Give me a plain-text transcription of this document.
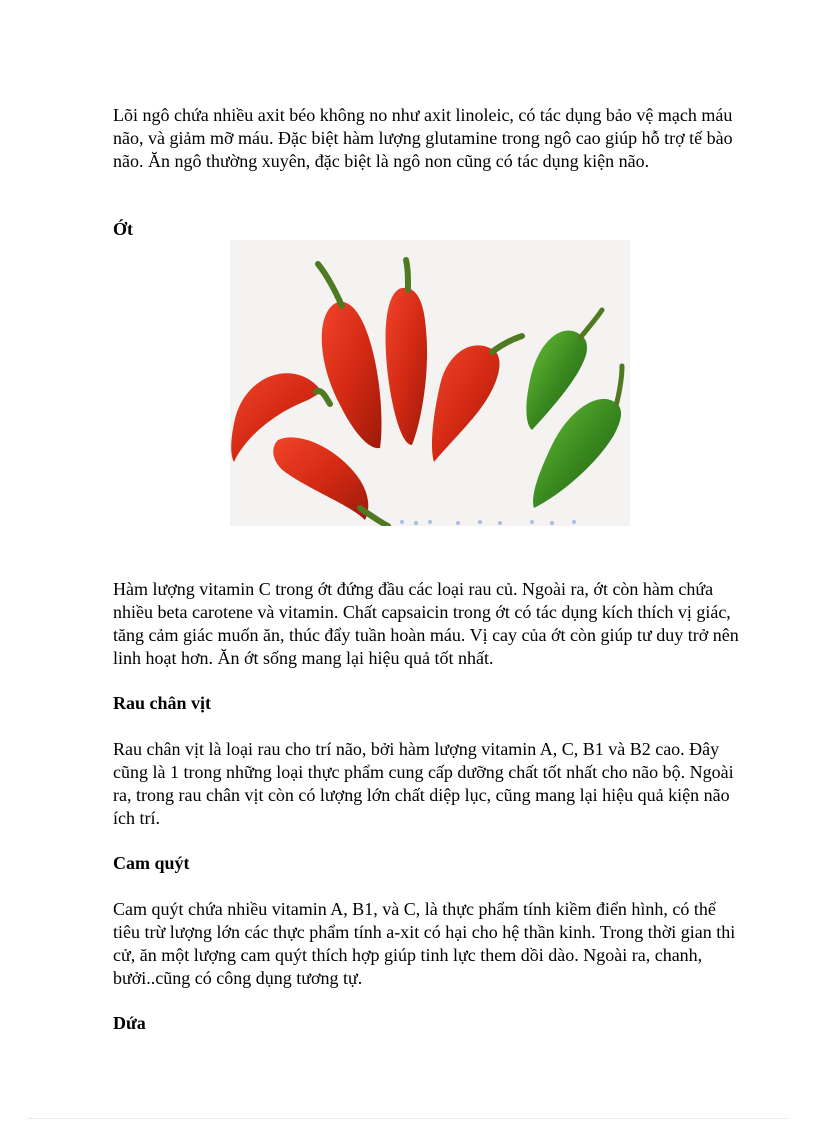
Lõi ngô chứa nhiều axit béo không no như axit linoleic, có tác dụng bảo vệ mạch máu não, và giảm mỡ máu. Đặc biệt hàm lượng glutamine trong ngô cao giúp hỗ trợ tế bào não. Ăn ngô thường xuyên, đặc biệt là ngô non cũng có tác dụng kiện não.

Ớt

Hàm lượng vitamin C trong ớt đứng đầu các loại rau củ. Ngoài ra, ớt còn hàm chứa nhiều beta carotene và vitamin. Chất capsaicin trong ớt có tác dụng kích thích vị giác, tăng cảm giác muốn ăn, thúc đẩy tuần hoàn máu. Vị cay của ớt còn giúp tư duy trở nên linh hoạt hơn. Ăn ớt sống mang lại hiệu quả tốt nhất.

Rau chân vịt

Rau chân vịt là loại rau cho trí não, bởi hàm lượng vitamin A, C, B1 và B2 cao. Đây cũng là 1 trong những loại thực phẩm cung cấp dưỡng chất tốt nhất cho não bộ. Ngoài ra, trong rau chân vịt còn có lượng lớn chất diệp lục, cũng mang lại hiệu quả kiện não ích trí.

Cam quýt

Cam quýt chứa nhiều vitamin A, B1, và C, là thực phẩm tính kiềm điển hình, có thể tiêu trừ lượng lớn các thực phẩm tính a-xit có hại cho hệ thần kinh. Trong thời gian thi cử, ăn một lượng cam quýt thích hợp giúp tinh lực them dồi dào. Ngoài ra, chanh, bưởi..cũng có công dụng tương tự.

Dứa
